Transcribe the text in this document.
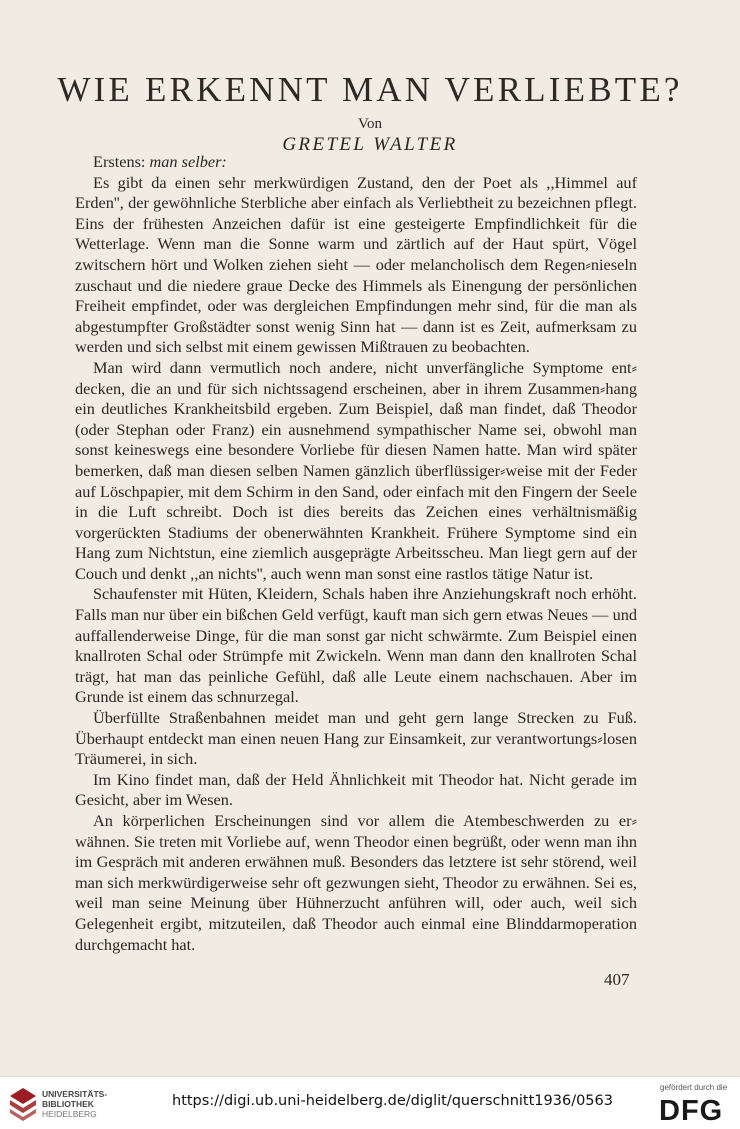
WIE ERKENNT MAN VERLIEBTE?
Von
GRETEL WALTER

Erstens: man selber:

Es gibt da einen sehr merkwürdigen Zustand, den der Poet als ,,Himmel auf Erden'', der gewöhnliche Sterbliche aber einfach als Verliebtheit zu bezeichnen pflegt. Eins der frühesten Anzeichen dafür ist eine gesteigerte Empfindlichkeit für die Wetterlage. Wenn man die Sonne warm und zärtlich auf der Haut spürt, Vögel zwitschern hört und Wolken ziehen sieht — oder melancholisch dem Regen⸗nieseln zuschaut und die niedere graue Decke des Himmels als Einengung der persönlichen Freiheit empfindet, oder was dergleichen Empfindungen mehr sind, für die man als abgestumpfter Großstädter sonst wenig Sinn hat — dann ist es Zeit, aufmerksam zu werden und sich selbst mit einem gewissen Mißtrauen zu beobachten.

Man wird dann vermutlich noch andere, nicht unverfängliche Symptome ent⸗decken, die an und für sich nichtssagend erscheinen, aber in ihrem Zusammen⸗hang ein deutliches Krankheitsbild ergeben. Zum Beispiel, daß man findet, daß Theodor (oder Stephan oder Franz) ein ausnehmend sympathischer Name sei, obwohl man sonst keineswegs eine besondere Vorliebe für diesen Namen hatte. Man wird später bemerken, daß man diesen selben Namen gänzlich überflüssiger⸗weise mit der Feder auf Löschpapier, mit dem Schirm in den Sand, oder einfach mit den Fingern der Seele in die Luft schreibt. Doch ist dies bereits das Zeichen eines verhältnismäßig vorgerückten Stadiums der obenerwähnten Krankheit. Frühere Symptome sind ein Hang zum Nichtstun, eine ziemlich ausgeprägte Arbeitsscheu. Man liegt gern auf der Couch und denkt ,,an nichts'', auch wenn man sonst eine rastlos tätige Natur ist.

Schaufenster mit Hüten, Kleidern, Schals haben ihre Anziehungskraft noch erhöht. Falls man nur über ein bißchen Geld verfügt, kauft man sich gern etwas Neues — und auffallenderweise Dinge, für die man sonst gar nicht schwärmte. Zum Beispiel einen knallroten Schal oder Strümpfe mit Zwickeln. Wenn man dann den knallroten Schal trägt, hat man das peinliche Gefühl, daß alle Leute einem nachschauen. Aber im Grunde ist einem das schnurzegal.

Überfüllte Straßenbahnen meidet man und geht gern lange Strecken zu Fuß. Überhaupt entdeckt man einen neuen Hang zur Einsamkeit, zur verantwortungs⸗losen Träumerei, in sich.

Im Kino findet man, daß der Held Ähnlichkeit mit Theodor hat. Nicht gerade im Gesicht, aber im Wesen.

An körperlichen Erscheinungen sind vor allem die Atembeschwerden zu er⸗wähnen. Sie treten mit Vorliebe auf, wenn Theodor einen begrüßt, oder wenn man ihn im Gespräch mit anderen erwähnen muß. Besonders das letztere ist sehr störend, weil man sich merkwürdigerweise sehr oft gezwungen sieht, Theodor zu erwähnen. Sei es, weil man seine Meinung über Hühnerzucht anführen will, oder auch, weil sich Gelegenheit ergibt, mitzuteilen, daß Theodor auch einmal eine Blinddarmoperation durchgemacht hat.

407
UNIVERSITÄTS-
BIBLIOTHEK
HEIDELBERG
https://digi.ub.uni-heidelberg.de/diglit/querschnitt1936/0563
gefördert durch die
DFG
